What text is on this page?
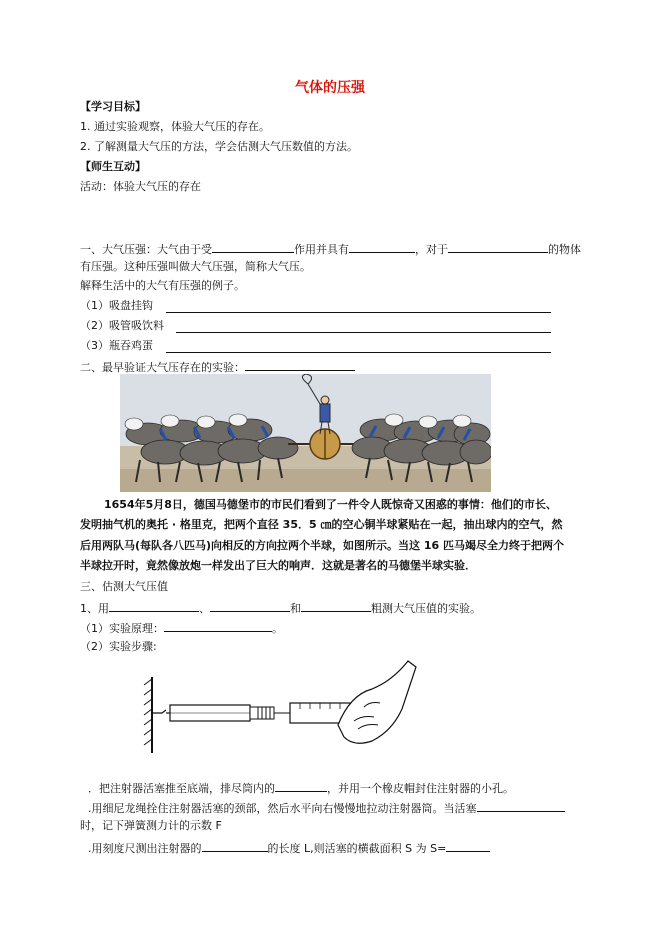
气体的压强
【学习目标】
1. 通过实验观察，体验大气压的存在。
2. 了解测量大气压的方法，学会估测大气压数值的方法。
【师生互动】
活动：体验大气压的存在
一、大气压强：大气由于受	作用并具有	，对于	的物体
有压强。这种压强叫做大气压强，简称大气压。
解释生活中的大气有压强的例子。
（1）吸盘挂钩
（2）吸管吸饮料
（3）瓶吞鸡蛋
二、最早验证大气压存在的实验：
1654年5月8日，德国马德堡市的市民们看到了一件令人既惊奇又困惑的事情：他们的市长、
发明抽气机的奥托 · 格里克，把两个直径 35．5 ㎝的空心铜半球紧贴在一起，抽出球内的空气，然
后用两队马(每队各八匹马)向相反的方向拉两个半球，如图所示。当这 16 匹马竭尽全力终于把两个
半球拉开时，竟然像放炮一样发出了巨大的响声．这就是著名的马德堡半球实验．
三、估测大气压值
1、用	、	和	粗测大气压值的实验。
（1）实验原理：	。
（2）实验步骤:
．把注射器活塞推至底端，排尽筒内的	，并用一个橡皮帽封住注射器的小孔。
.用细尼龙绳拴住注射器活塞的颈部，然后水平向右慢慢地拉动注射器筒。当活塞
时，记下弹簧测力计的示数 F
.用刻度尺测出注射器的	的长度 L,则活塞的横截面积 S 为 S=
